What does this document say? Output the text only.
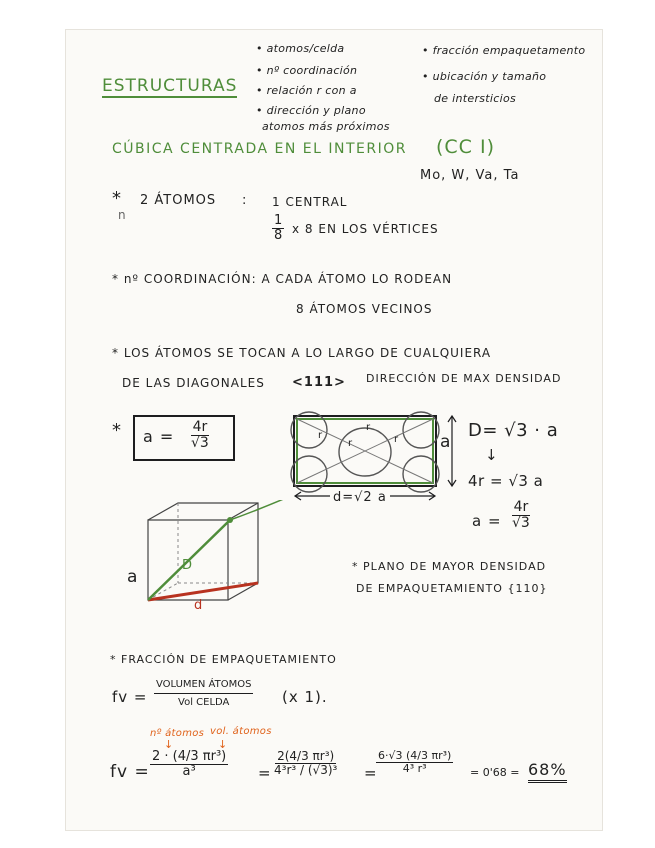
ESTRUCTURAS
• atomos/celda
• nº coordinación
• relación r con a
• dirección y plano
atomos más próximos
• fracción empaquetamento
• ubicación y tamaño
de intersticios
CÚBICA CENTRADA EN EL INTERIOR (CC I)
Mo, W, Va, Ta
* 2 ÁTOMOS
n
: 1 CENTRAL
$\frac{1}{8}$ x 8 EN LOS VÉRTICES
* nº COORDINACIÓN: A CADA ÁTOMO LO RODEAN
8 ÁTOMOS VECINOS
* LOS ÁTOMOS SE TOCAN A LO LARGO DE CUALQUIERA
DE LAS DIAGONALES <111> DIRECCIÓN DE MAX DENSIDAD
* $a = \frac{4r}{√3}$	r
r
r
r a
d=√2 a
D= √3 · a
↓
4r = √3 a
$a = \frac{4r}{√3}$
a
D
d
* PLANO DE MAYOR DENSIDAD
DE EMPAQUETAMIENTO {110}
* FRACCIÓN DE EMPAQUETAMIENTO
fv =
VOLUMEN ÁTOMOS
Vol CELDA	(x 1).
nº átomos vol. átomos
↓	↓
fv = $\frac{\text{2 · (4/3 πr³)}}{\text{a³}} = \frac{\text{2(4/3 πr³)}}{\text{4³r³ / (√3)³}}$ =
$\frac{\text{6·√3 (4/3 πr³)}}{\text{4³ r³}} = 0'68 = 68\%$
